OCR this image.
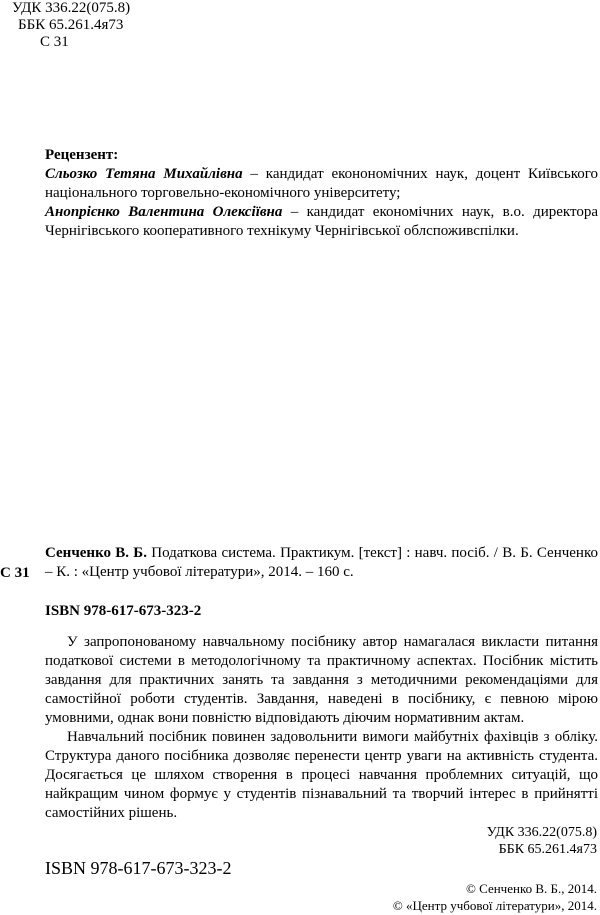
УДК 336.22(075.8)
ББК 65.261.4я73
С 31
Рецензент:
Сльозко Тетяна Михайлівна – кандидат еконономічних наук, доцент Київського національного торговельно-економічного університету;
Анопрієнко Валентина Олексіївна – кандидат економічних наук, в.о. директора Чернігівського кооперативного технікуму Чернігівської облспоживспілки.
С 31
Сенченко В. Б. Податкова система. Практикум. [текст] : навч. посіб. / В. Б. Сенченко – К. : «Центр учбової літератури», 2014. – 160 с.
ISBN 978-617-673-323-2

У запропонованому навчальному посібнику автор намагалася викласти питання податкової системи в методологічному та практичному аспектах. Посібник містить завдання для практичних занять та завдання з методичними рекомендаціями для самостійної роботи студентів. Завдання, наведені в посібнику, є певною мірою умовними, однак вони повністю відповідають діючим нормативним актам.

Навчальний посібник повинен задовольнити вимоги майбутніх фахівців з обліку. Структура даного посібника дозволяє перенести центр уваги на активність студента. Досягається це шляхом створення в процесі навчання проблемних ситуацій, що найкращим чином формує у студентів пізнавальний та творчий інтерес в прийнятті самостійних рішень.

УДК 336.22(075.8)
ББК 65.261.4я73
ISBN 978-617-673-323-2
© Сенченко В. Б., 2014.
© «Центр учбової літератури», 2014.
